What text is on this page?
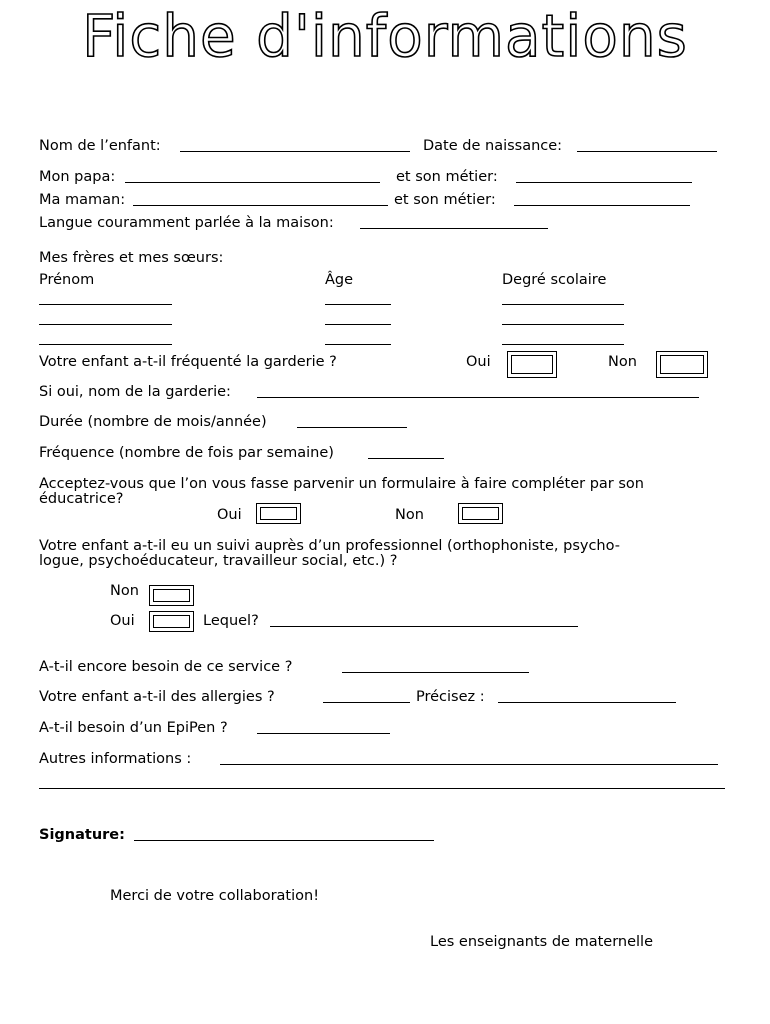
Fiche d'informations
Nom de l’enfant:	Date de naissance:
Mon papa:	et son métier:
Ma maman:	et son métier:
Langue couramment parlée à la maison:
Mes frères et mes sœurs:
Prénom	Âge	Degré scolaire
Votre enfant a-t-il fréquenté la garderie ?	Oui	Non
Si oui, nom de la garderie:
Durée (nombre de mois/année)
Fréquence (nombre de fois par semaine)
Acceptez-vous que l’on vous fasse parvenir un formulaire à faire compléter par son
éducatrice?
Oui	Non
Votre enfant a-t-il eu un suivi auprès d’un professionnel (orthophoniste, psycho-
logue, psychoéducateur, travailleur social, etc.) ?
Non
Oui	Lequel?
A-t-il encore besoin de ce service ?
Votre enfant a-t-il des allergies ?	Précisez :
A-t-il besoin d’un EpiPen ?
Autres informations :
Signature:
Merci de votre collaboration!
Les enseignants de maternelle
